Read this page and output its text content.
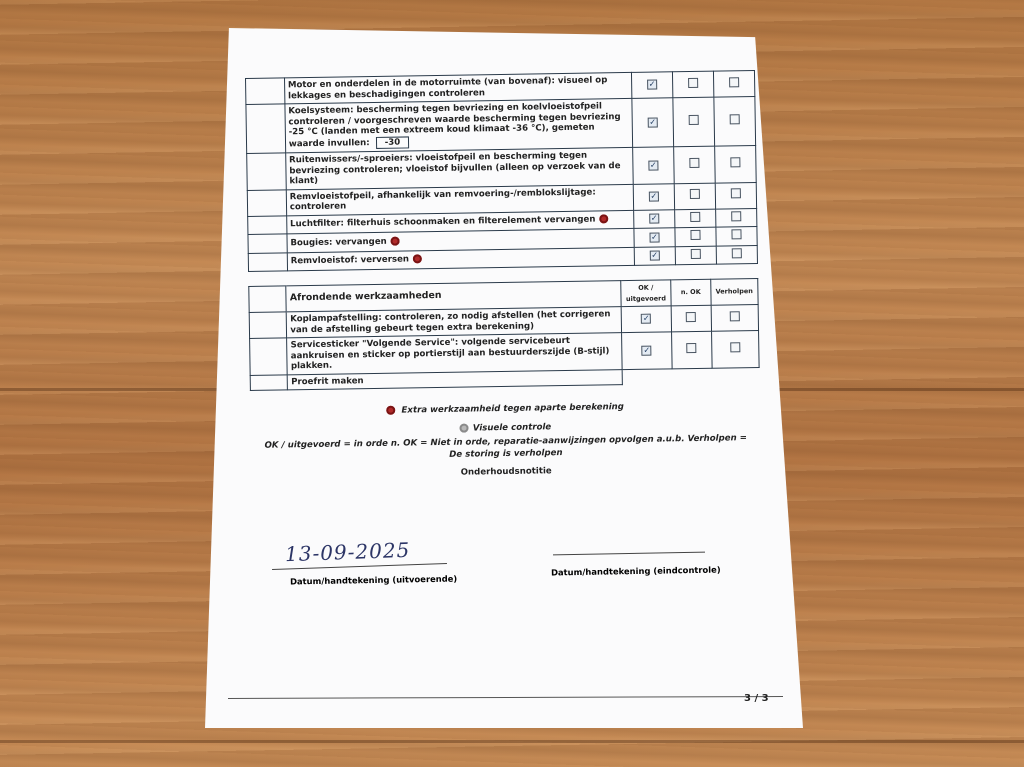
	Motor en onderdelen in de motorruimte (van bovenaf): visueel op lekkages en beschadigingen controleren	✓		
	Koelsysteem: bescherming tegen bevriezing en koelvloeistofpeil controleren / voorgeschreven waarde bescherming tegen bevriezing -25 °C (landen met een extreem koud klimaat -36 °C), gemeten waarde invullen: -30	✓		
	Ruitenwissers/-sproeiers: vloeistofpeil en bescherming tegen bevriezing controleren; vloeistof bijvullen (alleen op verzoek van de klant)	✓		
	Remvloeistofpeil, afhankelijk van remvoering-/remblokslijtage: controleren	✓		
	Luchtfilter: filterhuis schoonmaken en filterelement vervangen	✓		
	Bougies: vervangen	✓		
	Remvloeistof: verversen	✓		
	Afrondende werkzaamheden	OK / uitgevoerd	n. OK	Verholpen
	Koplampafstelling: controleren, zo nodig afstellen (het corrigeren van de afstelling gebeurt tegen extra berekening)	✓		
	Servicesticker "Volgende Service": volgende servicebeurt aankruisen en sticker op portierstijl aan bestuurderszijde (B-stijl) plakken.	✓		
	Proefrit maken			
Extra werkzaamheid tegen aparte berekening
Visuele controle
OK / uitgevoerd = in orde n. OK = Niet in orde, reparatie-aanwijzingen opvolgen a.u.b. Verholpen = De storing is verholpen
Onderhoudsnotitie
13-09-2025
Datum/handtekening (uitvoerende)
Datum/handtekening (eindcontrole)
3 / 3
